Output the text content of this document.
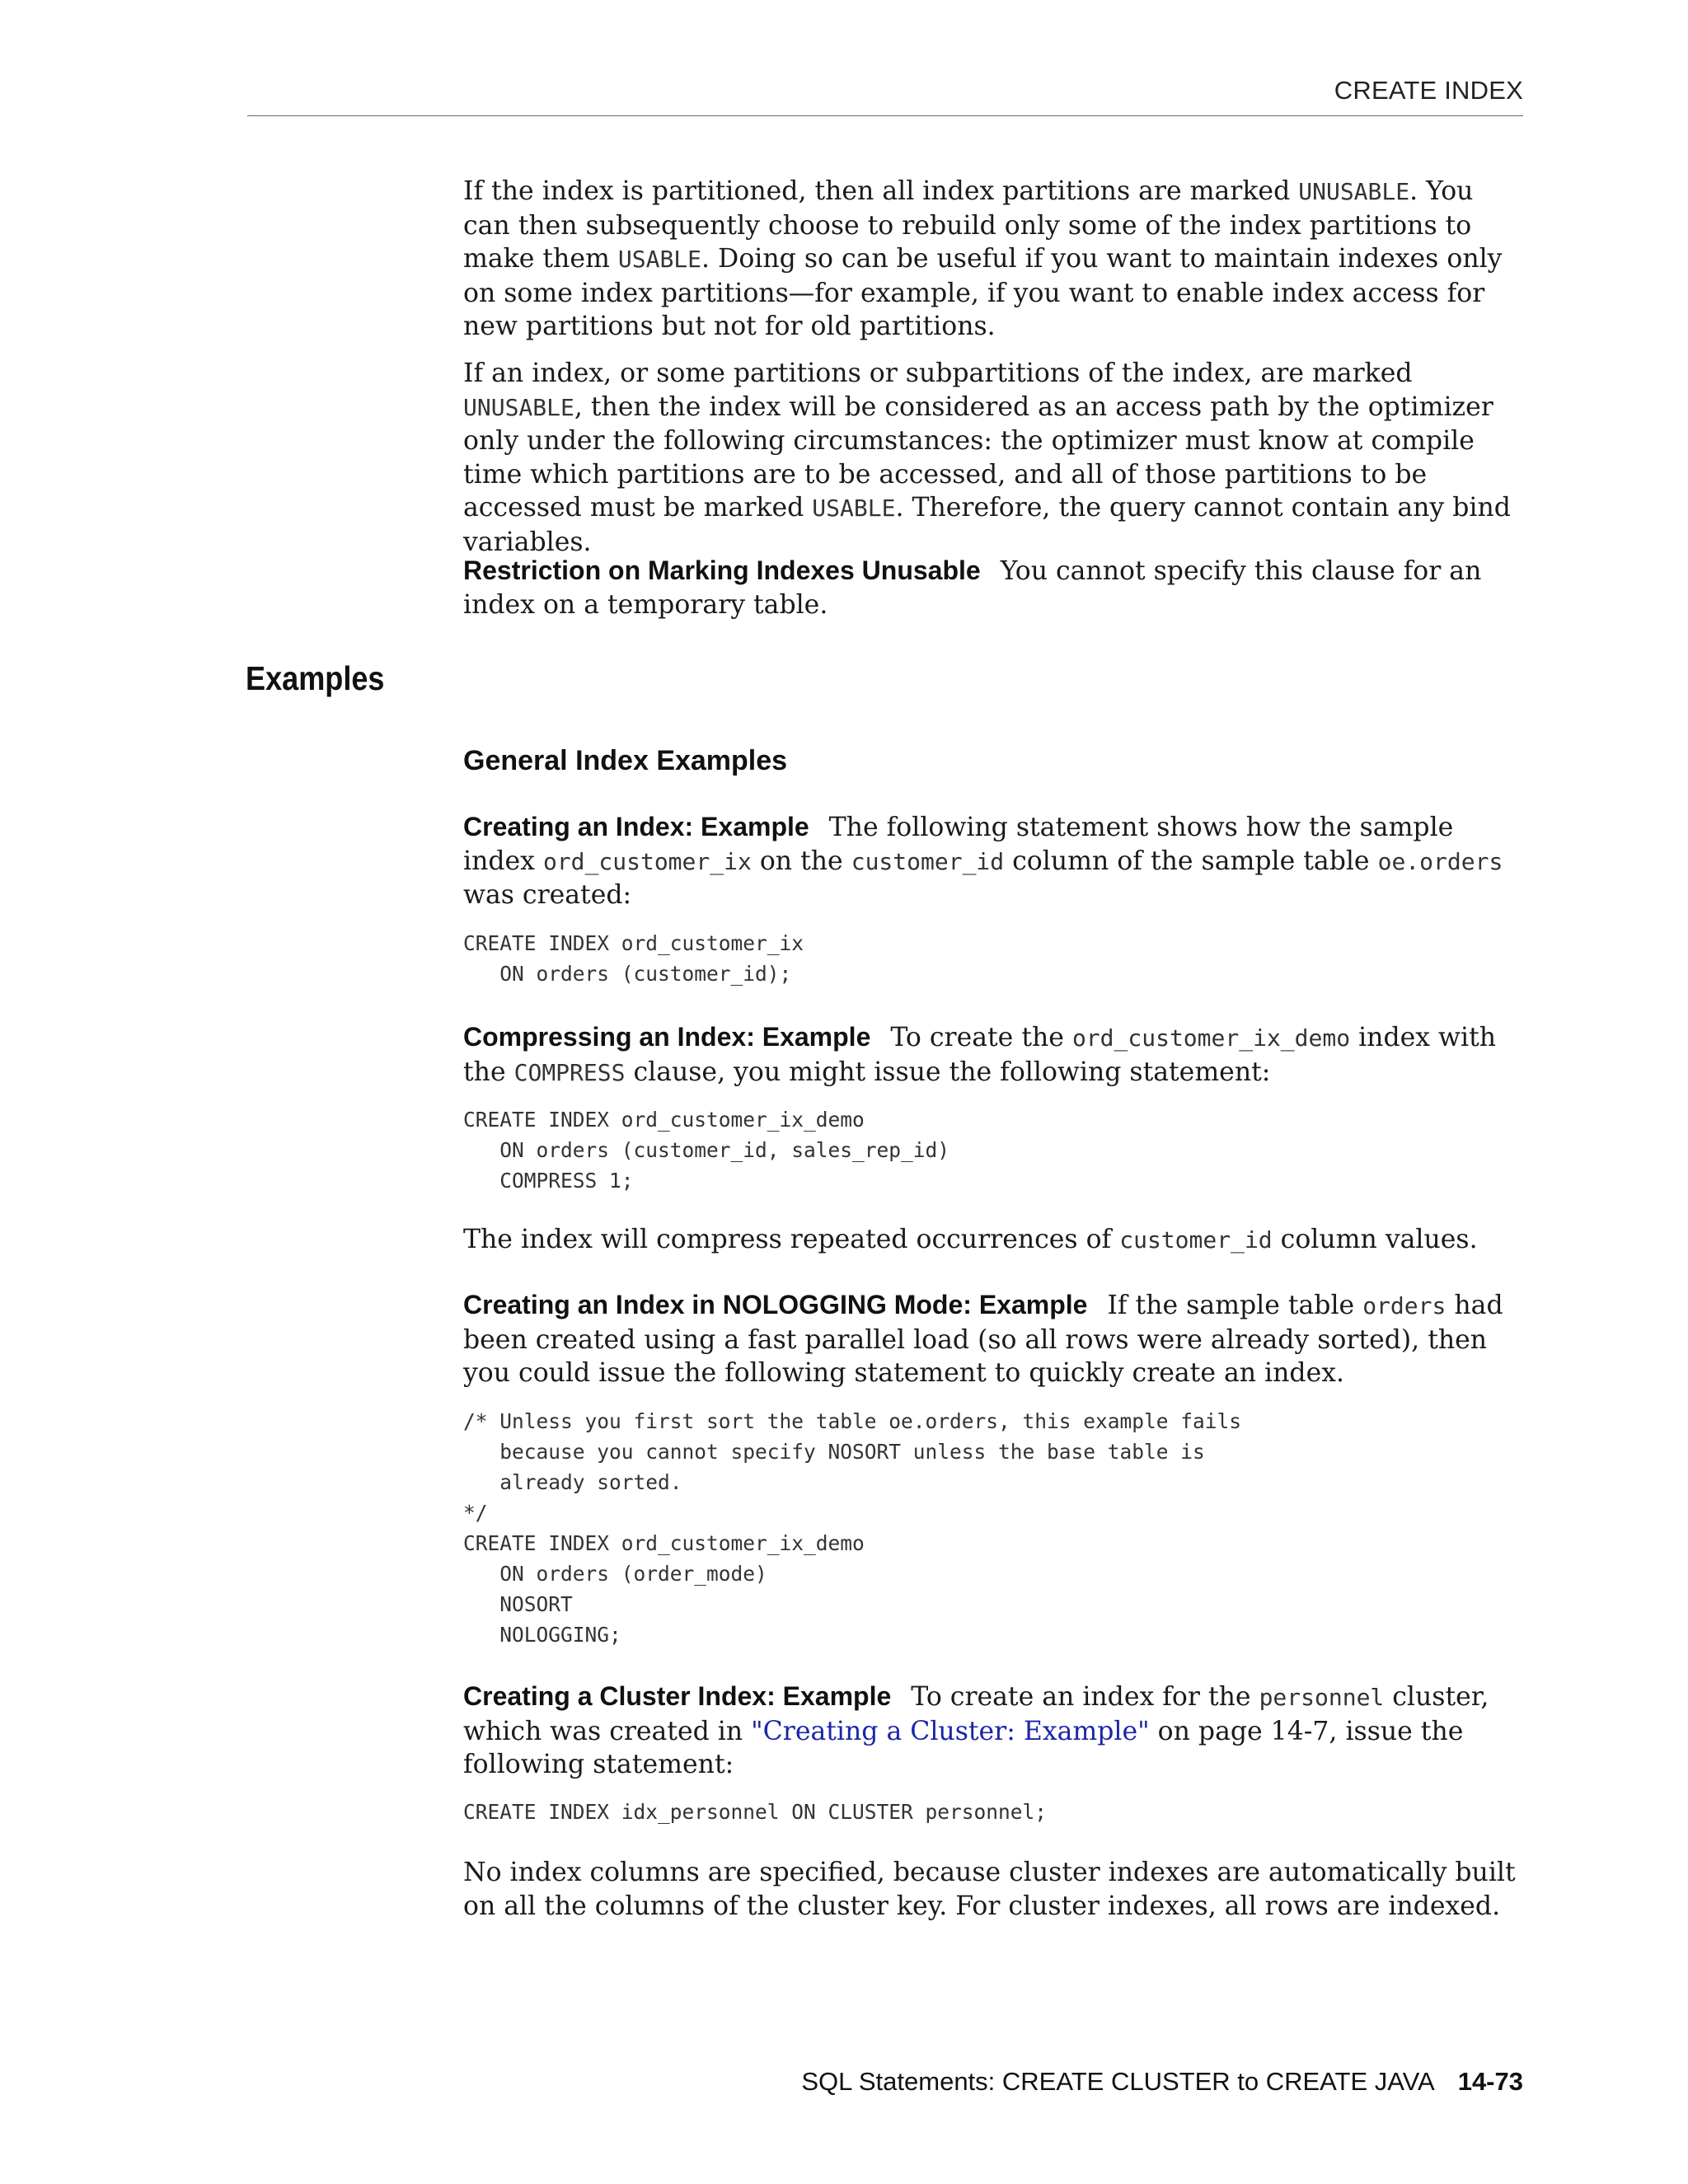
CREATE INDEX

If the index is partitioned, then all index partitions are marked UNUSABLE. You can then subsequently choose to rebuild only some of the index partitions to make them USABLE. Doing so can be useful if you want to maintain indexes only on some index partitions—for example, if you want to enable index access for new partitions but not for old partitions.

If an index, or some partitions or subpartitions of the index, are marked UNUSABLE, then the index will be considered as an access path by the optimizer only under the following circumstances: the optimizer must know at compile time which partitions are to be accessed, and all of those partitions to be accessed must be marked USABLE. Therefore, the query cannot contain any bind variables.

Restriction on Marking Indexes Unusable You cannot specify this clause for an index on a temporary table.

Examples
General Index Examples

Creating an Index: Example The following statement shows how the sample index ord_customer_ix on the customer_id column of the sample table oe.orders was created:

CREATE INDEX ord_customer_ix
ON orders (customer_id);

Compressing an Index: Example To create the ord_customer_ix_demo index with the COMPRESS clause, you might issue the following statement:

CREATE INDEX ord_customer_ix_demo
ON orders (customer_id, sales_rep_id)
COMPRESS 1;

The index will compress repeated occurrences of customer_id column values.

Creating an Index in NOLOGGING Mode: Example If the sample table orders had been created using a fast parallel load (so all rows were already sorted), then you could issue the following statement to quickly create an index.

/* Unless you first sort the table oe.orders, this example fails
because you cannot specify NOSORT unless the base table is
already sorted.
*/
CREATE INDEX ord_customer_ix_demo
ON orders (order_mode)
NOSORT
NOLOGGING;

Creating a Cluster Index: Example To create an index for the personnel cluster, which was created in "Creating a Cluster: Example" on page 14-7, issue the following statement:

CREATE INDEX idx_personnel ON CLUSTER personnel;

No index columns are specified, because cluster indexes are automatically built on all the columns of the cluster key. For cluster indexes, all rows are indexed.

SQL Statements: CREATE CLUSTER to CREATE JAVA 14-73
